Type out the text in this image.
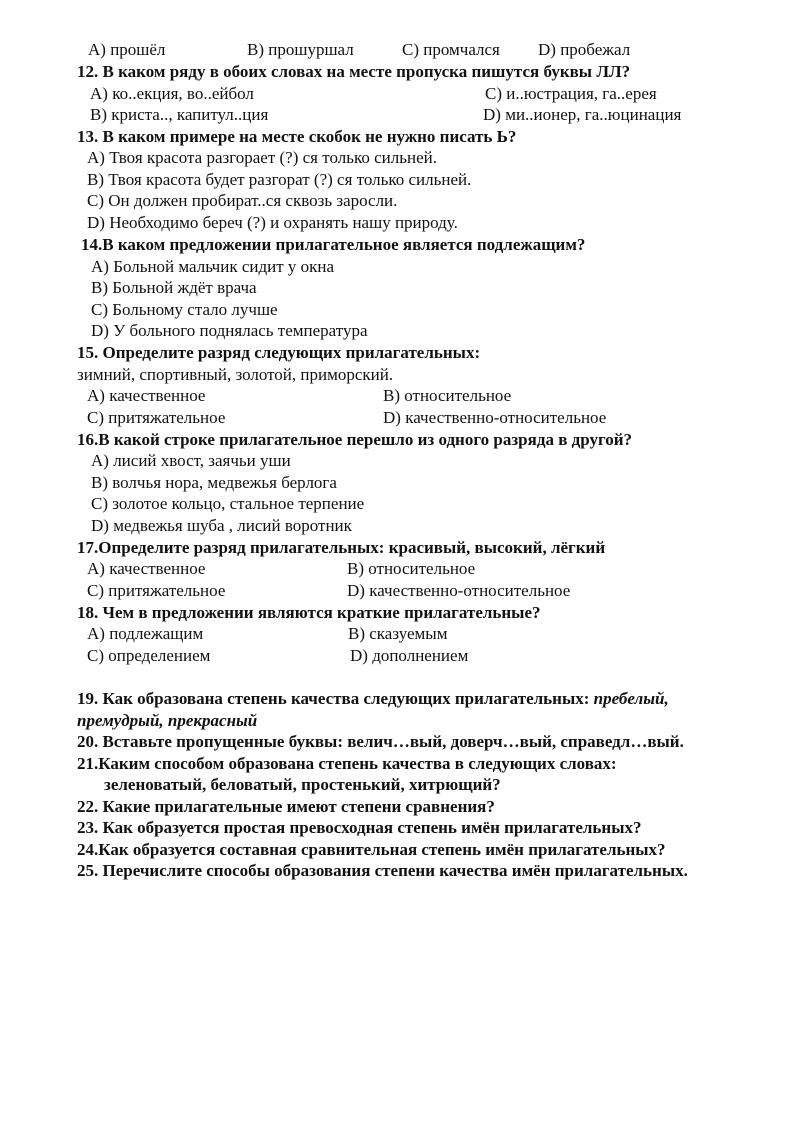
A) прошёл	B) прошуршал	C) промчался D) пробежал
12. В каком ряду в обоих словах на месте пропуска пишутся буквы ЛЛ?
A) ко..екция, во..ейбол	C) и..юстрация, га..ерея
B) криста.., капитул..ция	D) ми..ионер, га..юцинация
13. В каком примере на месте скобок не нужно писать Ь?
A) Твоя красота разгорает (?) ся только сильней.
B) Твоя красота будет разгорат (?) ся только сильней.
C) Он должен пробират..ся сквозь заросли.
D) Необходимо береч (?) и охранять нашу природу.
14.В каком предложении прилагательное является подлежащим?
A) Больной мальчик сидит у окна
B) Больной ждёт врача
C) Больному стало лучше
D) У больного поднялась температура
15. Определите разряд следующих прилагательных:
зимний, спортивный, золотой, приморский.
A) качественное	B) относительное
C) притяжательное	D) качественно-относительное
16.В какой строке прилагательное перешло из одного разряда в другой?
A) лисий хвост, заячьи уши
B) волчья нора, медвежья берлога
C) золотое кольцо, стальное терпение
D) медвежья шуба , лисий воротник
17.Определите разряд прилагательных: красивый, высокий, лёгкий
A) качественное	B) относительное
C) притяжательное	D) качественно-относительное
18. Чем в предложении являются краткие прилагательные?
A) подлежащим	B) сказуемым
C) определением	D) дополнением
19. Как образована степень качества следующих прилагательных: пребелый,
премудрый, прекрасный
20. Вставьте пропущенные буквы: велич…вый, доверч…вый, справедл…вый.
21.Каким способом образована степень качества в следующих словах:
зеленоватый, беловатый, простенький, хитрющий?
22. Какие прилагательные имеют степени сравнения?
23. Как образуется простая превосходная степень имён прилагательных?
24.Как образуется составная сравнительная степень имён прилагательных?
25. Перечислите способы образования степени качества имён прилагательных.
